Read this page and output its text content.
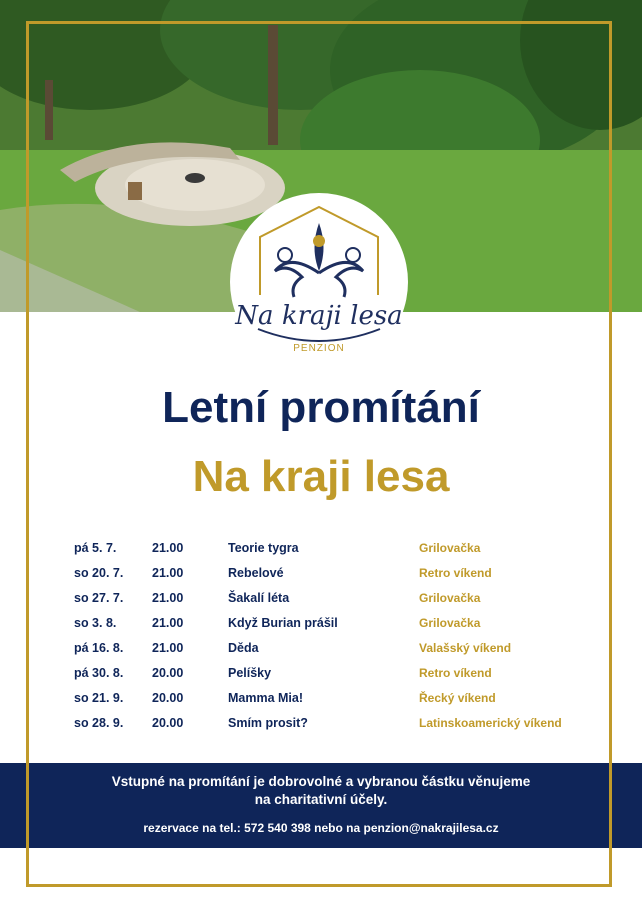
Na kraji lesa
PENZION
Letní promítání
Na kraji lesa
pá 5. 7.	21.00	Teorie tygra	Grilovačka
so 20. 7. 21.00	Rebelové	Retro víkend
so 27. 7. 21.00	Šakalí léta	Grilovačka
so 3. 8.	21.00	Když Burian prášil	Grilovačka
pá 16. 8. 21.00	Děda	Valašský víkend
pá 30. 8. 20.00	Pelíšky	Retro víkend
so 21. 9. 20.00	Mamma Mia!	Řecký víkend
so 28. 9. 20.00	Smím prosit?	Latinskoamerický víkend
Vstupné na promítání je dobrovolné a vybranou částku věnujeme
na charitativní účely.
rezervace na tel.: 572 540 398 nebo na penzion@nakrajilesa.cz
